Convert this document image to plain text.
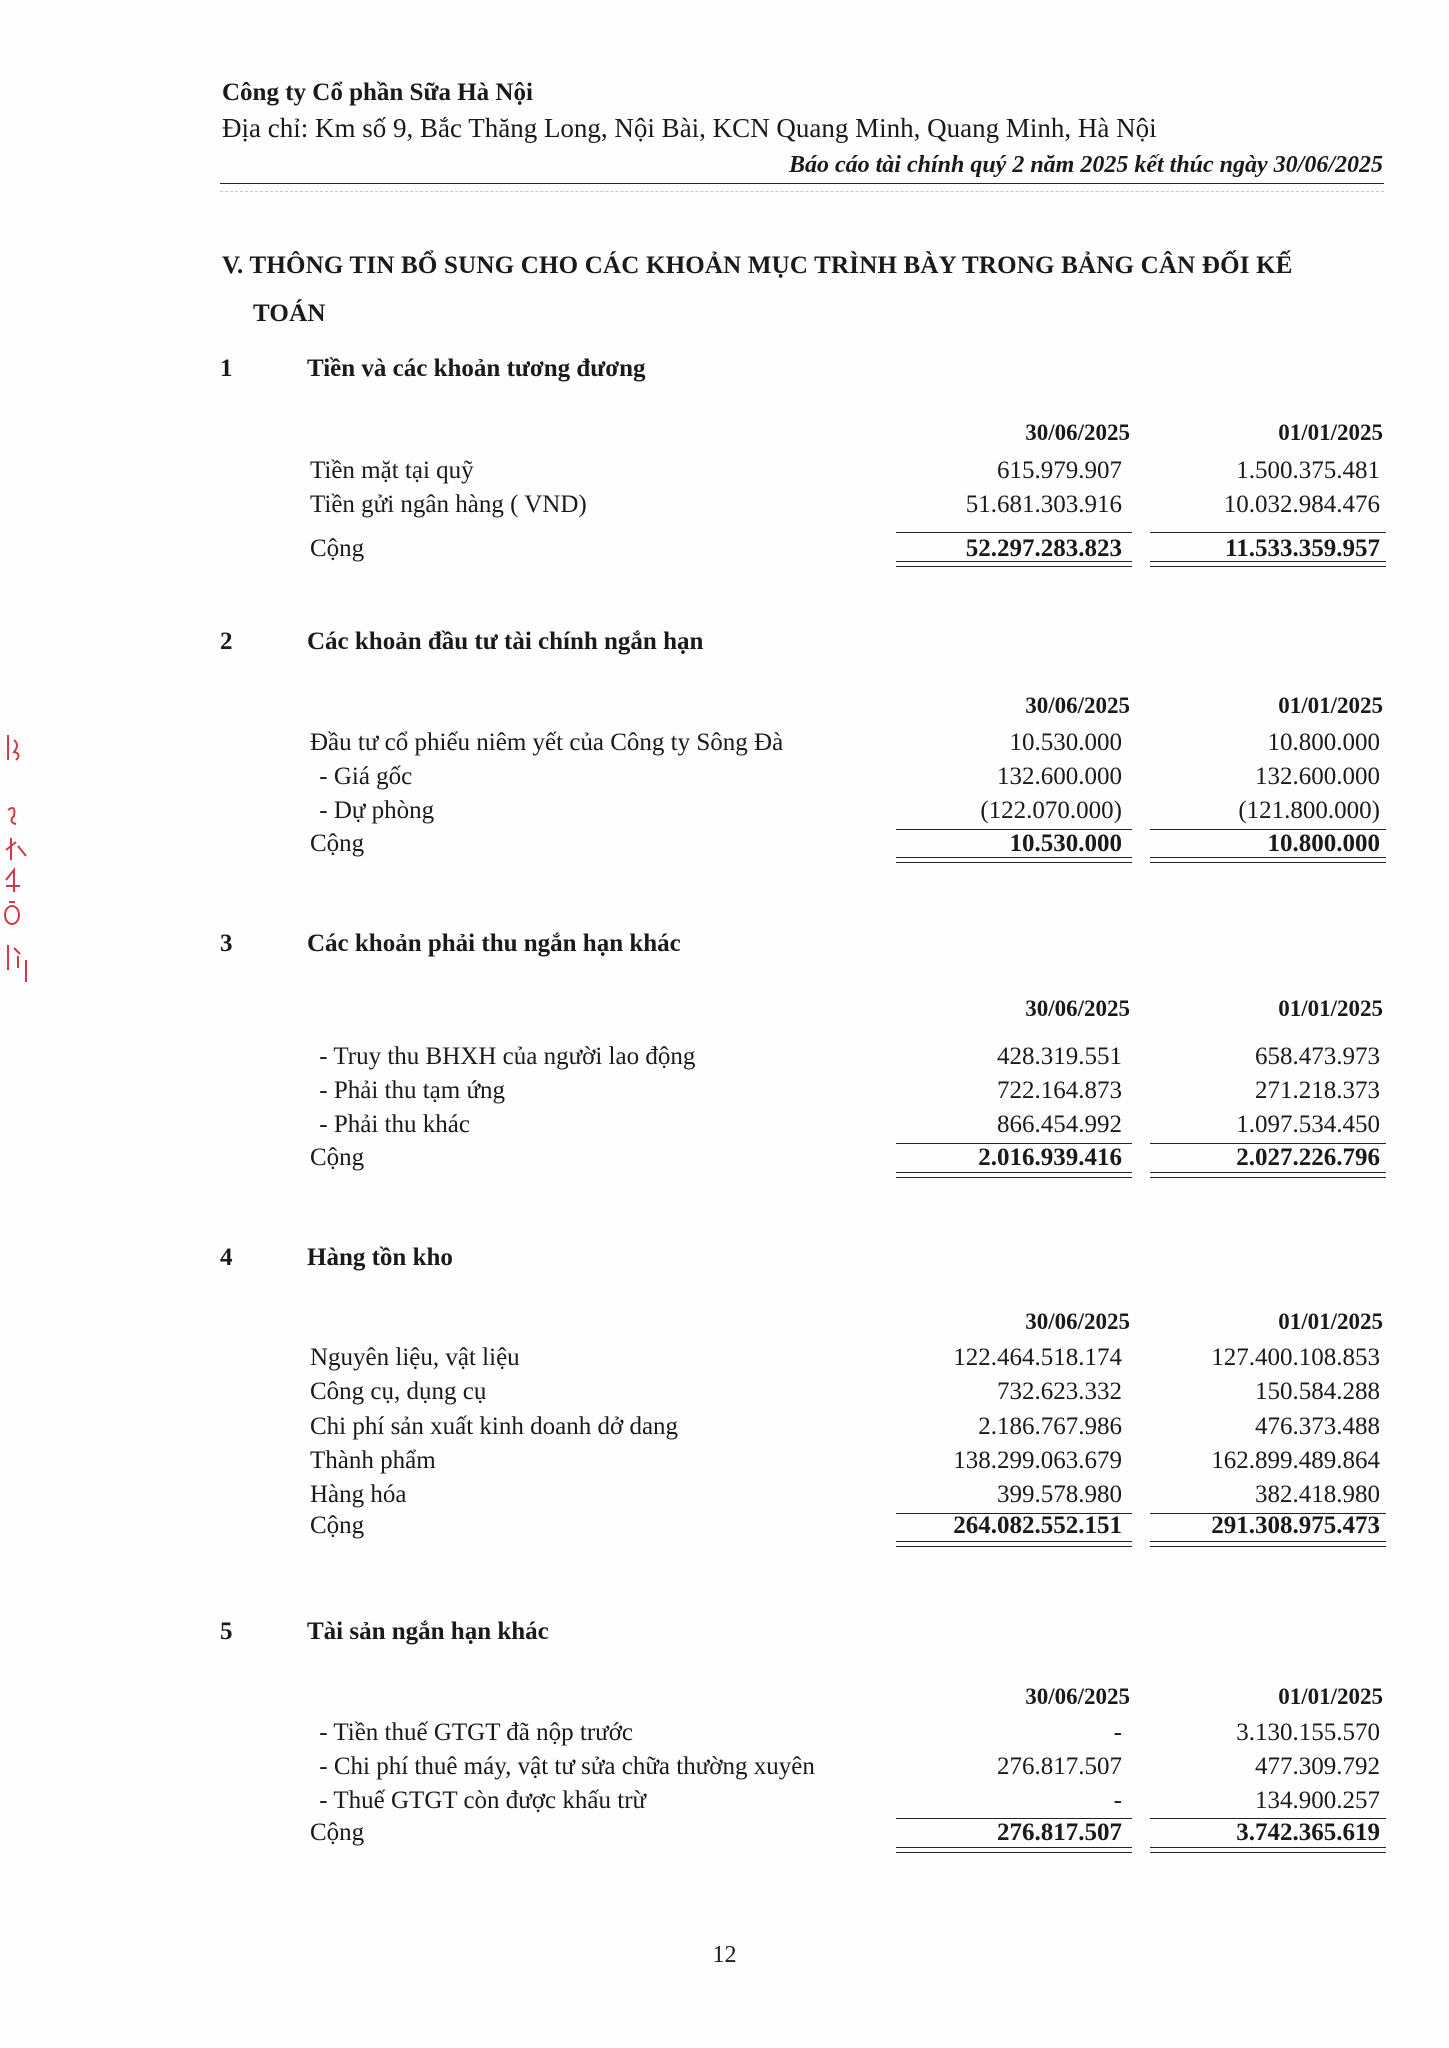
Công ty Cổ phần Sữa Hà Nội
Địa chỉ: Km số 9, Bắc Thăng Long, Nội Bài, KCN Quang Minh, Quang Minh, Hà Nội
Báo cáo tài chính quý 2 năm 2025 kết thúc ngày 30/06/2025
V. THÔNG TIN BỔ SUNG CHO CÁC KHOẢN MỤC TRÌNH BÀY TRONG BẢNG CÂN ĐỐI KẾ
TOÁN
1	Tiền và các khoản tương đương
30/06/2025	01/01/2025
Tiền mặt tại quỹ	615.979.907	1.500.375.481
Tiền gửi ngân hàng ( VND)	51.681.303.916	10.032.984.476
Cộng	52.297.283.823	11.533.359.957
2	Các khoản đầu tư tài chính ngắn hạn
30/06/2025	01/01/2025
Đầu tư cổ phiếu niêm yết của Công ty Sông Đà	10.530.000	10.800.000
- Giá gốc	132.600.000	132.600.000
- Dự phòng	(122.070.000)	(121.800.000)
Cộng	10.530.000	10.800.000
3	Các khoản phải thu ngắn hạn khác
30/06/2025	01/01/2025
- Truy thu BHXH của người lao động	428.319.551	658.473.973
- Phải thu tạm ứng	722.164.873	271.218.373
- Phải thu khác	866.454.992	1.097.534.450
Cộng	2.016.939.416	2.027.226.796
4	Hàng tồn kho
30/06/2025	01/01/2025
Nguyên liệu, vật liệu	122.464.518.174	127.400.108.853
Công cụ, dụng cụ	732.623.332	150.584.288
Chi phí sản xuất kinh doanh dở dang	2.186.767.986	476.373.488
Thành phẩm	138.299.063.679	162.899.489.864
Hàng hóa	399.578.980	382.418.980
Cộng	264.082.552.151	291.308.975.473
5	Tài sản ngắn hạn khác
30/06/2025	01/01/2025
- Tiền thuế GTGT đã nộp trước	-	3.130.155.570
- Chi phí thuê máy, vật tư sửa chữa thường xuyên	276.817.507	477.309.792
- Thuế GTGT còn được khấu trừ	-	134.900.257
Cộng	276.817.507	3.742.365.619
12
